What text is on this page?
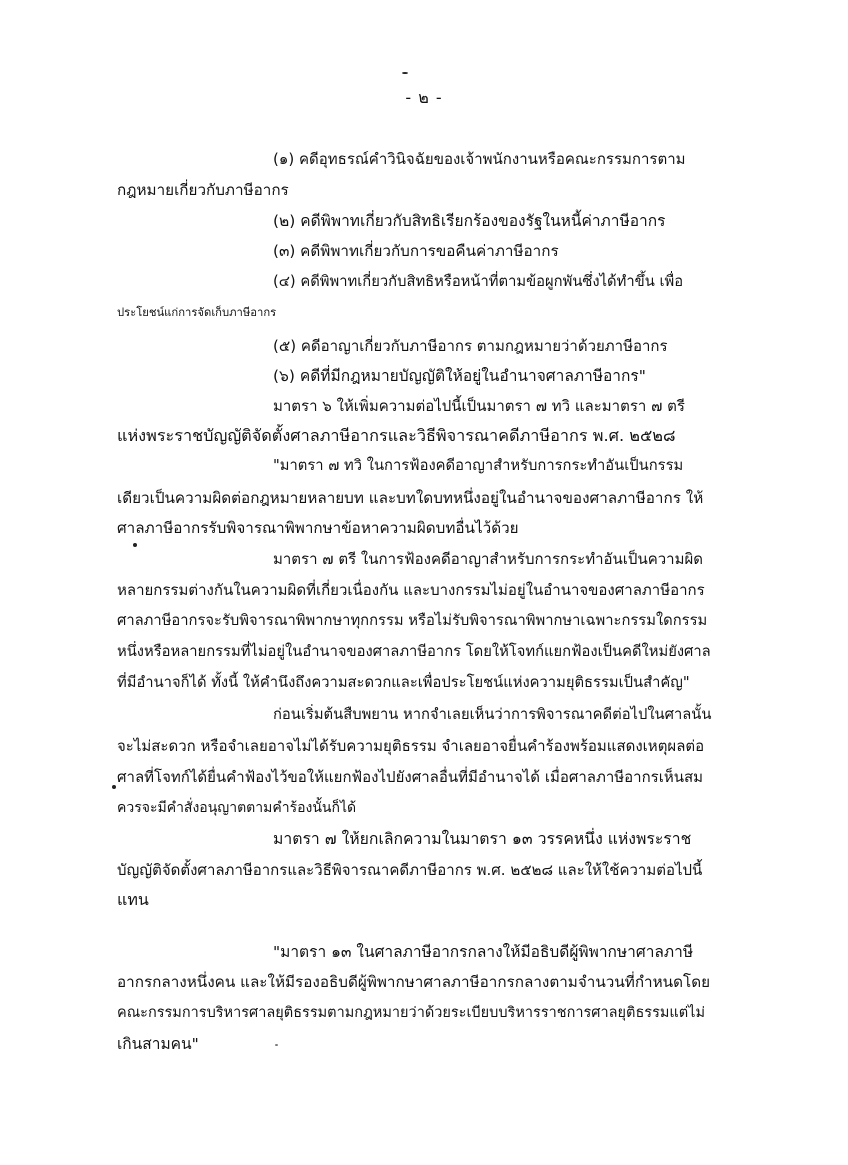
- ๒ -
(๑) คดีอุทธรณ์คำวินิจฉัยของเจ้าพนักงานหรือคณะกรรมการตาม
กฎหมายเกี่ยวกับภาษีอากร
(๒) คดีพิพาทเกี่ยวกับสิทธิเรียกร้องของรัฐในหนี้ค่าภาษีอากร
(๓) คดีพิพาทเกี่ยวกับการขอคืนค่าภาษีอากร
(๔) คดีพิพาทเกี่ยวกับสิทธิหรือหน้าที่ตามข้อผูกพันซึ่งได้ทำขึ้น เพื่อ
ประโยชน์แก่การจัดเก็บภาษีอากร
(๕) คดีอาญาเกี่ยวกับภาษีอากร ตามกฎหมายว่าด้วยภาษีอากร
(๖) คดีที่มีกฎหมายบัญญัติให้อยู่ในอำนาจศาลภาษีอากร"
มาตรา ๖ ให้เพิ่มความต่อไปนี้เป็นมาตรา ๗ ทวิ และมาตรา ๗ ตรี
แห่งพระราชบัญญัติจัดตั้งศาลภาษีอากรและวิธีพิจารณาคดีภาษีอากร พ.ศ. ๒๕๒๘
"มาตรา ๗ ทวิ ในการฟ้องคดีอาญาสำหรับการกระทำอันเป็นกรรม
เดียวเป็นความผิดต่อกฎหมายหลายบท และบทใดบทหนึ่งอยู่ในอำนาจของศาลภาษีอากร ให้
ศาลภาษีอากรรับพิจารณาพิพากษาข้อหาความผิดบทอื่นไว้ด้วย
มาตรา ๗ ตรี ในการฟ้องคดีอาญาสำหรับการกระทำอันเป็นความผิด
หลายกรรมต่างกันในความผิดที่เกี่ยวเนื่องกัน และบางกรรมไม่อยู่ในอำนาจของศาลภาษีอากร
ศาลภาษีอากรจะรับพิจารณาพิพากษาทุกกรรม หรือไม่รับพิจารณาพิพากษาเฉพาะกรรมใดกรรม
หนึ่งหรือหลายกรรมที่ไม่อยู่ในอำนาจของศาลภาษีอากร โดยให้โจทก์แยกฟ้องเป็นคดีใหม่ยังศาล
ที่มีอำนาจก็ได้ ทั้งนี้ ให้คำนึงถึงความสะดวกและเพื่อประโยชน์แห่งความยุติธรรมเป็นสำคัญ"
ก่อนเริ่มต้นสืบพยาน หากจำเลยเห็นว่าการพิจารณาคดีต่อไปในศาลนั้น
จะไม่สะดวก หรือจำเลยอาจไม่ได้รับความยุติธรรม จำเลยอาจยื่นคำร้องพร้อมแสดงเหตุผลต่อ
ศาลที่โจทก์ได้ยื่นคำฟ้องไว้ขอให้แยกฟ้องไปยังศาลอื่นที่มีอำนาจได้ เมื่อศาลภาษีอากรเห็นสม
ควรจะมีคำสั่งอนุญาตตามคำร้องนั้นก็ได้
มาตรา ๗ ให้ยกเลิกความในมาตรา ๑๓ วรรคหนึ่ง แห่งพระราช
บัญญัติจัดตั้งศาลภาษีอากรและวิธีพิจารณาคดีภาษีอากร พ.ศ. ๒๕๒๘ และให้ใช้ความต่อไปนี้
แทน
"มาตรา ๑๓ ในศาลภาษีอากรกลางให้มีอธิบดีผู้พิพากษาศาลภาษี
อากรกลางหนึ่งคน และให้มีรองอธิบดีผู้พิพากษาศาลภาษีอากรกลางตามจำนวนที่กำหนดโดย
คณะกรรมการบริหารศาลยุติธรรมตามกฎหมายว่าด้วยระเบียบบริหารราชการศาลยุติธรรมแต่ไม่
เกินสามคน"
